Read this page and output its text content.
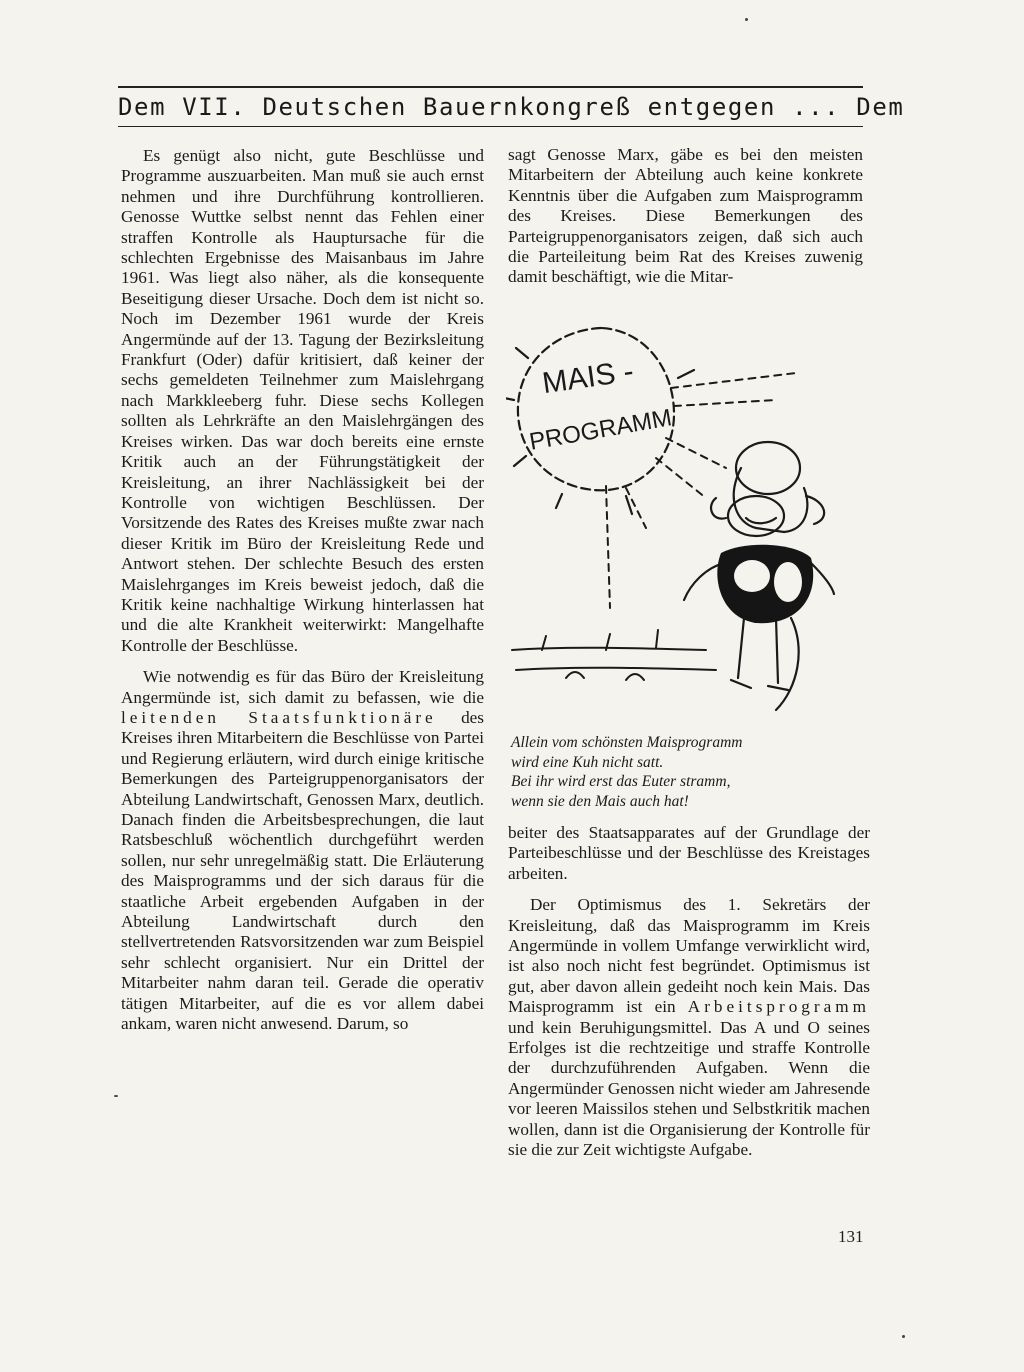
Dem VII. Deutschen Bauernkongreß entgegen ... Dem

Es genügt also nicht, gute Beschlüsse und Programme auszuarbeiten. Man muß sie auch ernst nehmen und ihre Durchführung kontrollieren. Genosse Wuttke selbst nennt das Fehlen einer straffen Kontrolle als Hauptursache für die schlechten Ergebnisse des Maisanbaus im Jahre 1961. Was liegt also näher, als die konsequente Beseitigung dieser Ursache. Doch dem ist nicht so. Noch im Dezember 1961 wurde der Kreis Angermünde auf der 13. Tagung der Bezirksleitung Frankfurt (Oder) dafür kritisiert, daß keiner der sechs gemeldeten Teilnehmer zum Maislehrgang nach Markkleeberg fuhr. Diese sechs Kollegen sollten als Lehrkräfte an den Maislehrgängen des Kreises wirken. Das war doch bereits eine ernste Kritik auch an der Führungstätigkeit der Kreisleitung, an ihrer Nachlässigkeit bei der Kontrolle von wichtigen Beschlüssen. Der Vorsitzende des Rates des Kreises mußte zwar nach dieser Kritik im Büro der Kreisleitung Rede und Antwort stehen. Der schlechte Besuch des ersten Maislehrganges im Kreis beweist jedoch, daß die Kritik keine nachhaltige Wirkung hinterlassen hat und die alte Krankheit weiterwirkt: Mangelhafte Kontrolle der Beschlüsse.

Wie notwendig es für das Büro der Kreisleitung Angermünde ist, sich damit zu befassen, wie die leitenden Staatsfunktionäre des Kreises ihren Mitarbeitern die Beschlüsse von Partei und Regierung erläutern, wird durch einige kritische Bemerkungen des Parteigruppenorganisators der Abteilung Landwirtschaft, Genossen Marx, deutlich. Danach finden die Arbeitsbesprechungen, die laut Ratsbeschluß wöchentlich durchgeführt werden sollen, nur sehr unregelmäßig statt. Die Erläuterung des Maisprogramms und der sich daraus für die staatliche Arbeit ergebenden Aufgaben in der Abteilung Landwirtschaft durch den stellvertretenden Ratsvorsitzenden war zum Beispiel sehr schlecht organisiert. Nur ein Drittel der Mitarbeiter nahm daran teil. Gerade die operativ tätigen Mitarbeiter, auf die es vor allem dabei ankam, waren nicht anwesend. Darum, so

sagt Genosse Marx, gäbe es bei den meisten Mitarbeitern der Abteilung auch keine konkrete Kenntnis über die Aufgaben zum Maisprogramm des Kreises. Diese Bemerkungen des Parteigruppenorganisators zeigen, daß sich auch die Parteileitung beim Rat des Kreises zuwenig damit beschäftigt, wie die Mitar-

MAIS -
PROGRAMM
Allein vom schönsten Maisprogramm
wird eine Kuh nicht satt.
Bei ihr wird erst das Euter stramm,
wenn sie den Mais auch hat!

beiter des Staatsapparates auf der Grundlage der Parteibeschlüsse und der Beschlüsse des Kreistages arbeiten.

Der Optimismus des 1. Sekretärs der Kreisleitung, daß das Maisprogramm im Kreis Angermünde in vollem Umfange verwirklicht wird, ist also noch nicht fest begründet. Optimismus ist gut, aber davon allein gedeiht noch kein Mais. Das Maisprogramm ist ein Arbeitsprogramm und kein Beruhigungsmittel. Das A und O seines Erfolges ist die rechtzeitige und straffe Kontrolle der durchzuführenden Aufgaben. Wenn die Angermünder Genossen nicht wieder am Jahresende vor leeren Maissilos stehen und Selbstkritik machen wollen, dann ist die Organisierung der Kontrolle für sie die zur Zeit wichtigste Aufgabe.

131
